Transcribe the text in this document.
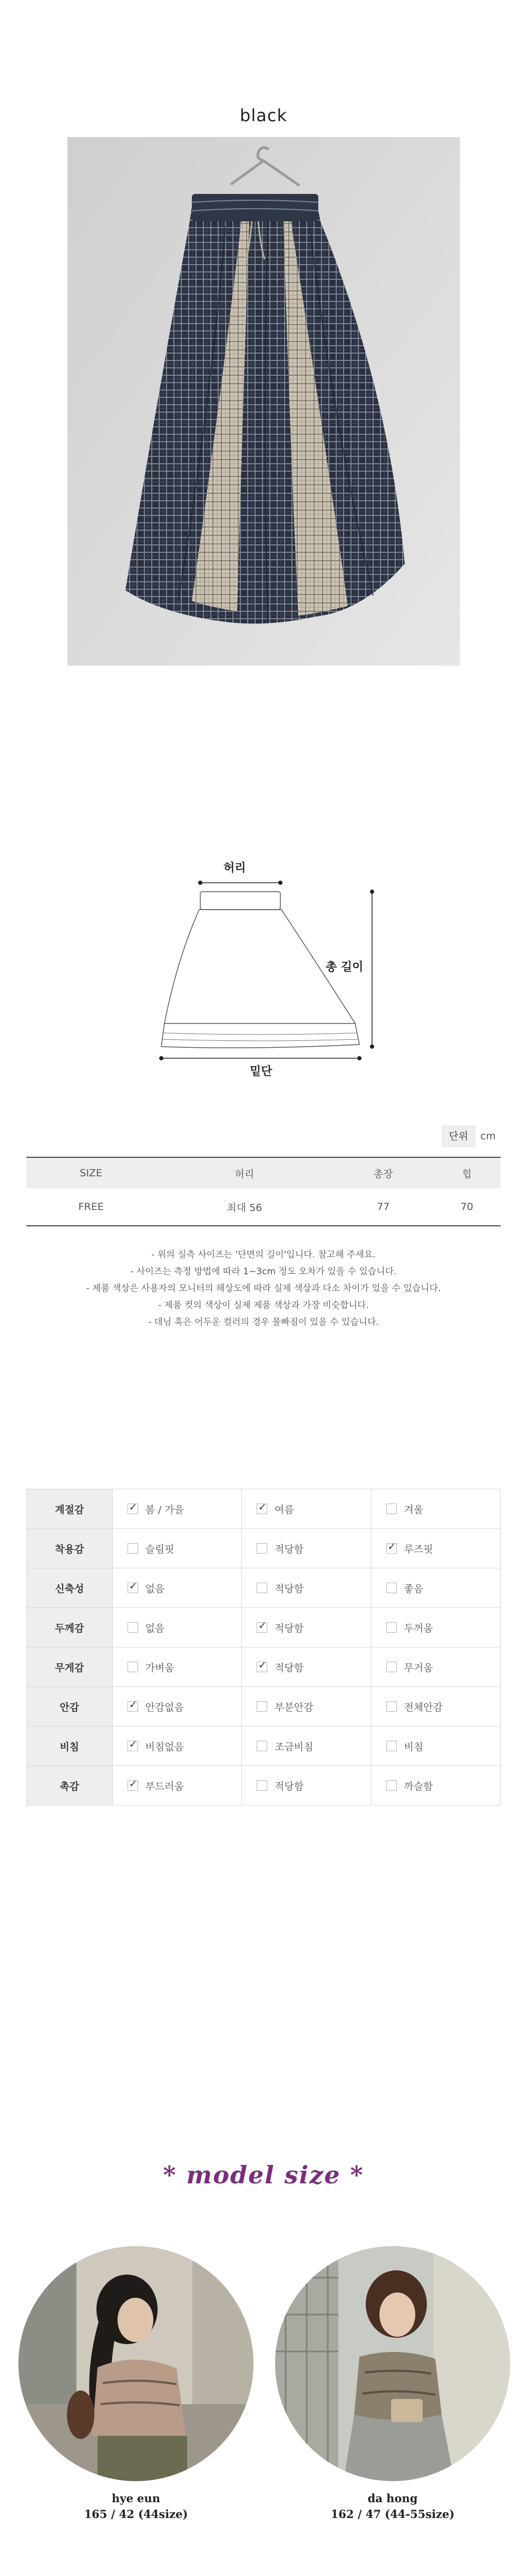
black
허리
총 길이
밑단
단위	cm
SIZE	허리	총장	힙
FREE	최대 56	77	70
- 위의 실측 사이즈는 '단면의 길이'입니다. 참고해 주세요.
- 사이즈는 측정 방법에 따라 1~3cm 정도 오차가 있을 수 있습니다.
- 제품 색상은 사용자의 모니터의 해상도에 따라 실제 색상과 다소 차이가 있을 수 있습니다.
- 제품 컷의 색상이 실제 제품 색상과 가장 비슷합니다.
- 데님 혹은 어두운 컬러의 경우 물빠짐이 있을 수 있습니다.
계절감	✓봄 / 가을	✓여름	겨울
착용감	슬림핏	적당함	✓루즈핏
신축성	✓없음	적당함	좋음
두께감	없음	✓적당함	두꺼움
무게감	가벼움	✓적당함	무거움
안감	✓안감없음	부분안감	전체안감
비침	✓비침없음	조금비침	비침
촉감	✓부드러움	적당함	까슬함
* model size *
hye eun
165 / 42 (44size)
da hong
162 / 47 (44-55size)
